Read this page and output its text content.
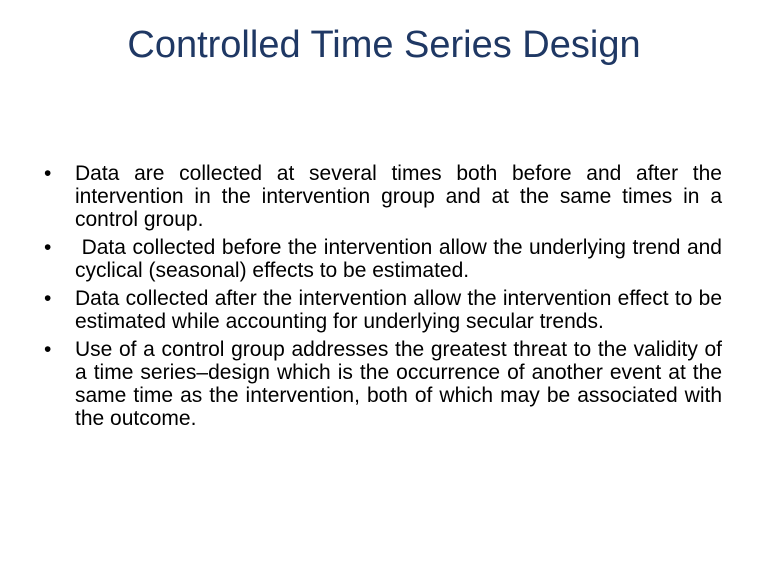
Controlled Time Series Design
• Data are collected at several times both before and after the intervention in the intervention group and at the same times in a control group.
• Data collected before the intervention allow the underlying trend and cyclical (seasonal) effects to be estimated.
• Data collected after the intervention allow the intervention effect to be estimated while accounting for underlying secular trends.
• Use of a control group addresses the greatest threat to the validity of a time series–design which is the occurrence of another event at the same time as the intervention, both of which may be associated with the outcome.
